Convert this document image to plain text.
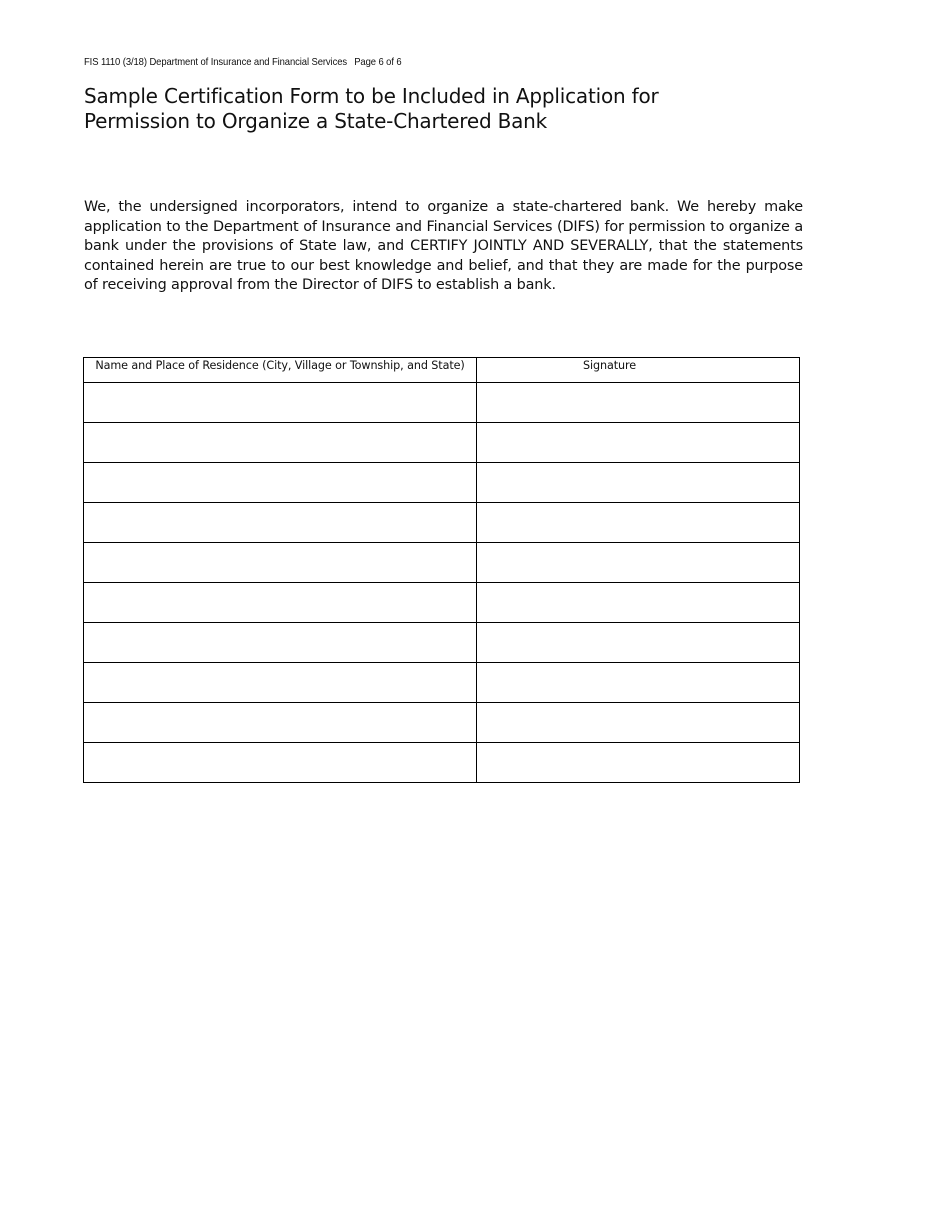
FIS 1110 (3/18) Department of Insurance and Financial Services Page 6 of 6
Sample Certification Form to be Included in Application for
Permission to Organize a State-Chartered Bank

We, the undersigned incorporators, intend to organize a state-chartered bank. We hereby make application to the Department of Insurance and Financial Services (DIFS) for permission to organize a bank under the provisions of State law, and CERTIFY JOINTLY AND SEVERALLY, that the statements contained herein are true to our best knowledge and belief, and that they are made for the purpose of receiving approval from the Director of DIFS to establish a bank.

Name and Place of Residence (City, Village or Township, and State)	Signature
